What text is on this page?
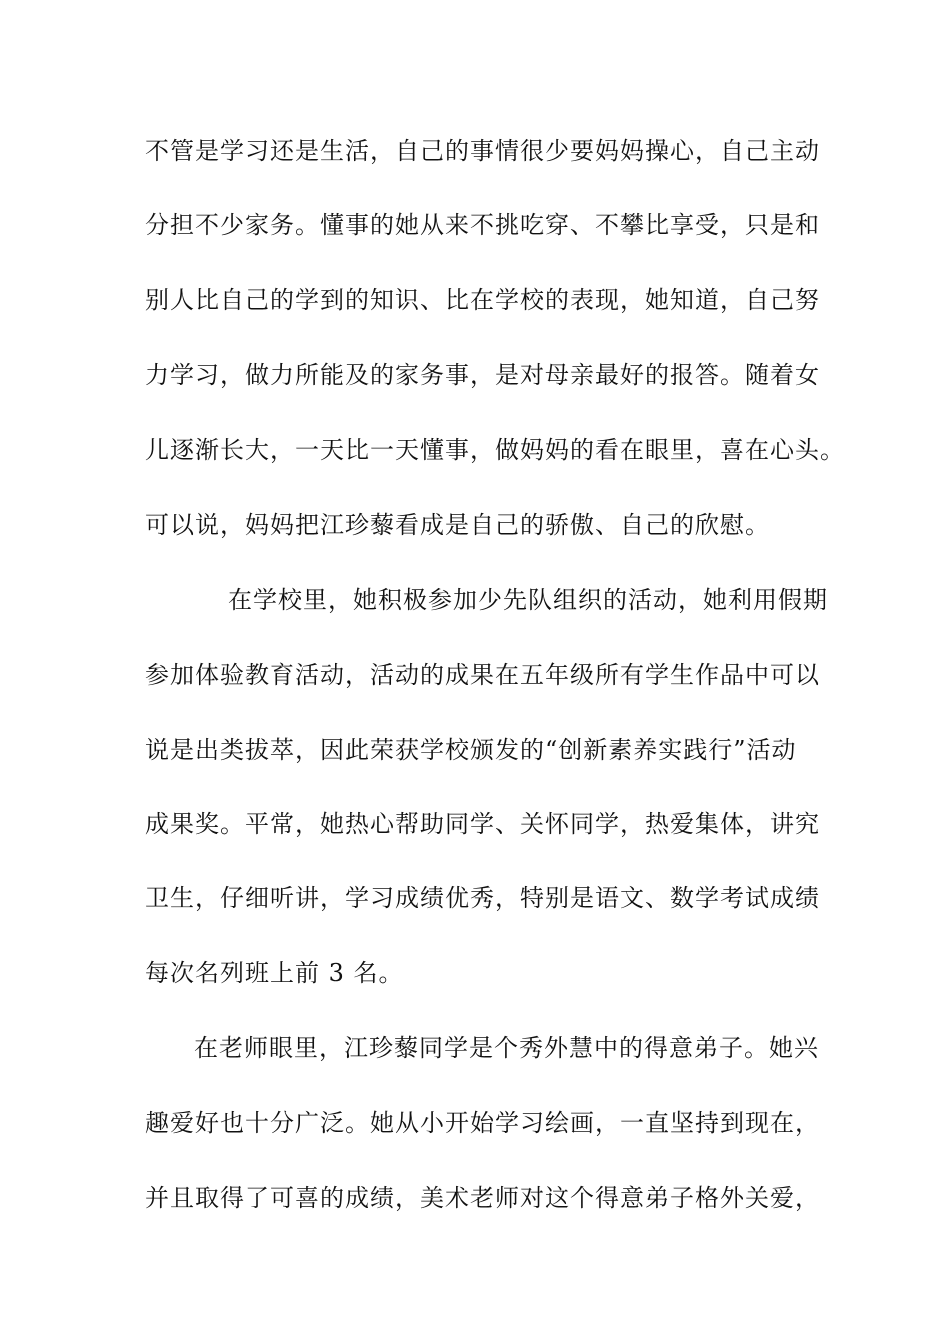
不管是学习还是生活，自己的事情很少要妈妈操心，自己主动
分担不少家务。懂事的她从来不挑吃穿、不攀比享受，只是和
别人比自己的学到的知识、比在学校的表现，她知道，自己努
力学习，做力所能及的家务事，是对母亲最好的报答。随着女
儿逐渐长大，一天比一天懂事，做妈妈的看在眼里，喜在心头。
可以说，妈妈把江珍藜看成是自己的骄傲、自己的欣慰。
在学校里，她积极参加少先队组织的活动，她利用假期
参加体验教育活动，活动的成果在五年级所有学生作品中可以
说是出类拔萃，因此荣获学校颁发的“创新素养实践行”活动
成果奖。平常，她热心帮助同学、关怀同学，热爱集体，讲究
卫生，仔细听讲，学习成绩优秀，特别是语文、数学考试成绩
每次名列班上前 3 名。
在老师眼里，江珍藜同学是个秀外慧中的得意弟子。她兴
趣爱好也十分广泛。她从小开始学习绘画，一直坚持到现在，
并且取得了可喜的成绩，美术老师对这个得意弟子格外关爱，
